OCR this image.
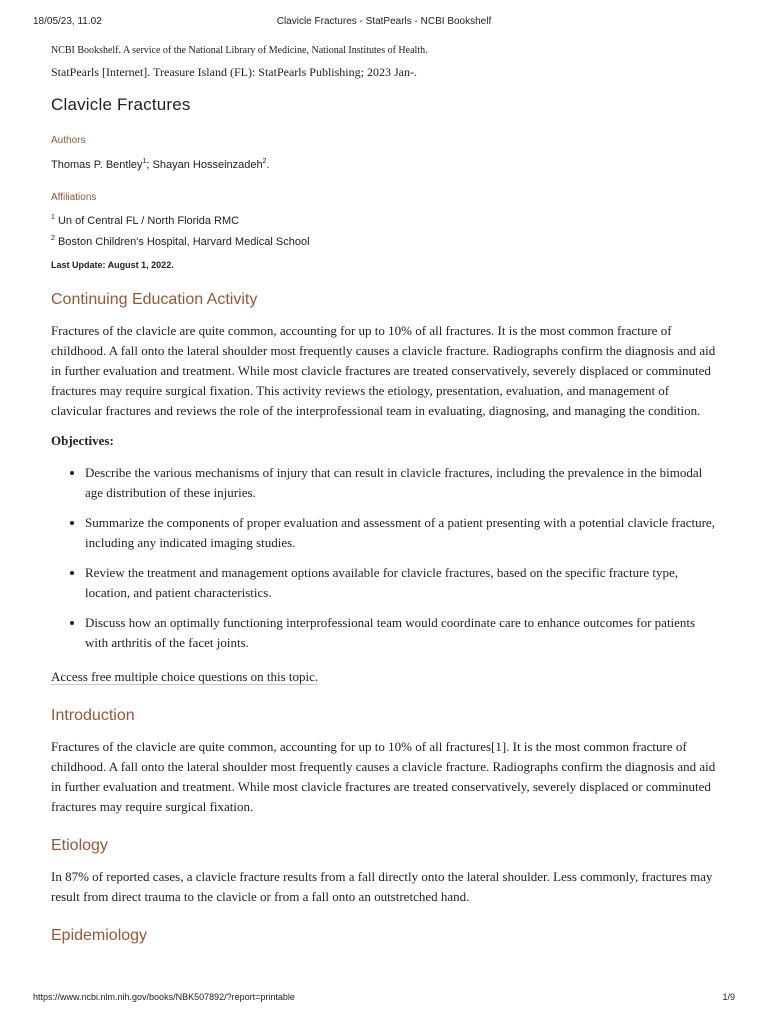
18/05/23, 11.02	Clavicle Fractures - StatPearls - NCBI Bookshelf

NCBI Bookshelf. A service of the National Library of Medicine, National Institutes of Health.

StatPearls [Internet]. Treasure Island (FL): StatPearls Publishing; 2023 Jan-.

Clavicle Fractures

Authors

Thomas P. Bentley$^1$; Shayan Hosseinzadeh$^2$.

Affiliations

$^1$ Un of Central FL / North Florida RMC

$^2$ Boston Children's Hospital, Harvard Medical School

Last Update: August 1, 2022.

Continuing Education Activity

Fractures of the clavicle are quite common, accounting for up to 10% of all fractures. It is the most common fracture of childhood. A fall onto the lateral shoulder most frequently causes a clavicle fracture. Radiographs confirm the diagnosis and aid in further evaluation and treatment. While most clavicle fractures are treated conservatively, severely displaced or comminuted fractures may require surgical fixation. This activity reviews the etiology, presentation, evaluation, and management of clavicular fractures and reviews the role of the interprofessional team in evaluating, diagnosing, and managing the condition.

Objectives:

• Describe the various mechanisms of injury that can result in clavicle fractures, including the prevalence in the bimodal age distribution of these injuries.
• Summarize the components of proper evaluation and assessment of a patient presenting with a potential clavicle fracture, including any indicated imaging studies.
• Review the treatment and management options available for clavicle fractures, based on the specific fracture type, location, and patient characteristics.
• Discuss how an optimally functioning interprofessional team would coordinate care to enhance outcomes for patients with arthritis of the facet joints.

Access free multiple choice questions on this topic.

Introduction

Fractures of the clavicle are quite common, accounting for up to 10% of all fractures[1]. It is the most common fracture of childhood. A fall onto the lateral shoulder most frequently causes a clavicle fracture. Radiographs confirm the diagnosis and aid in further evaluation and treatment. While most clavicle fractures are treated conservatively, severely displaced or comminuted fractures may require surgical fixation.

Etiology

In 87% of reported cases, a clavicle fracture results from a fall directly onto the lateral shoulder. Less commonly, fractures may result from direct trauma to the clavicle or from a fall onto an outstretched hand.

Epidemiology
https://www.ncbi.nlm.nih.gov/books/NBK507892/?report=printable	1/9
